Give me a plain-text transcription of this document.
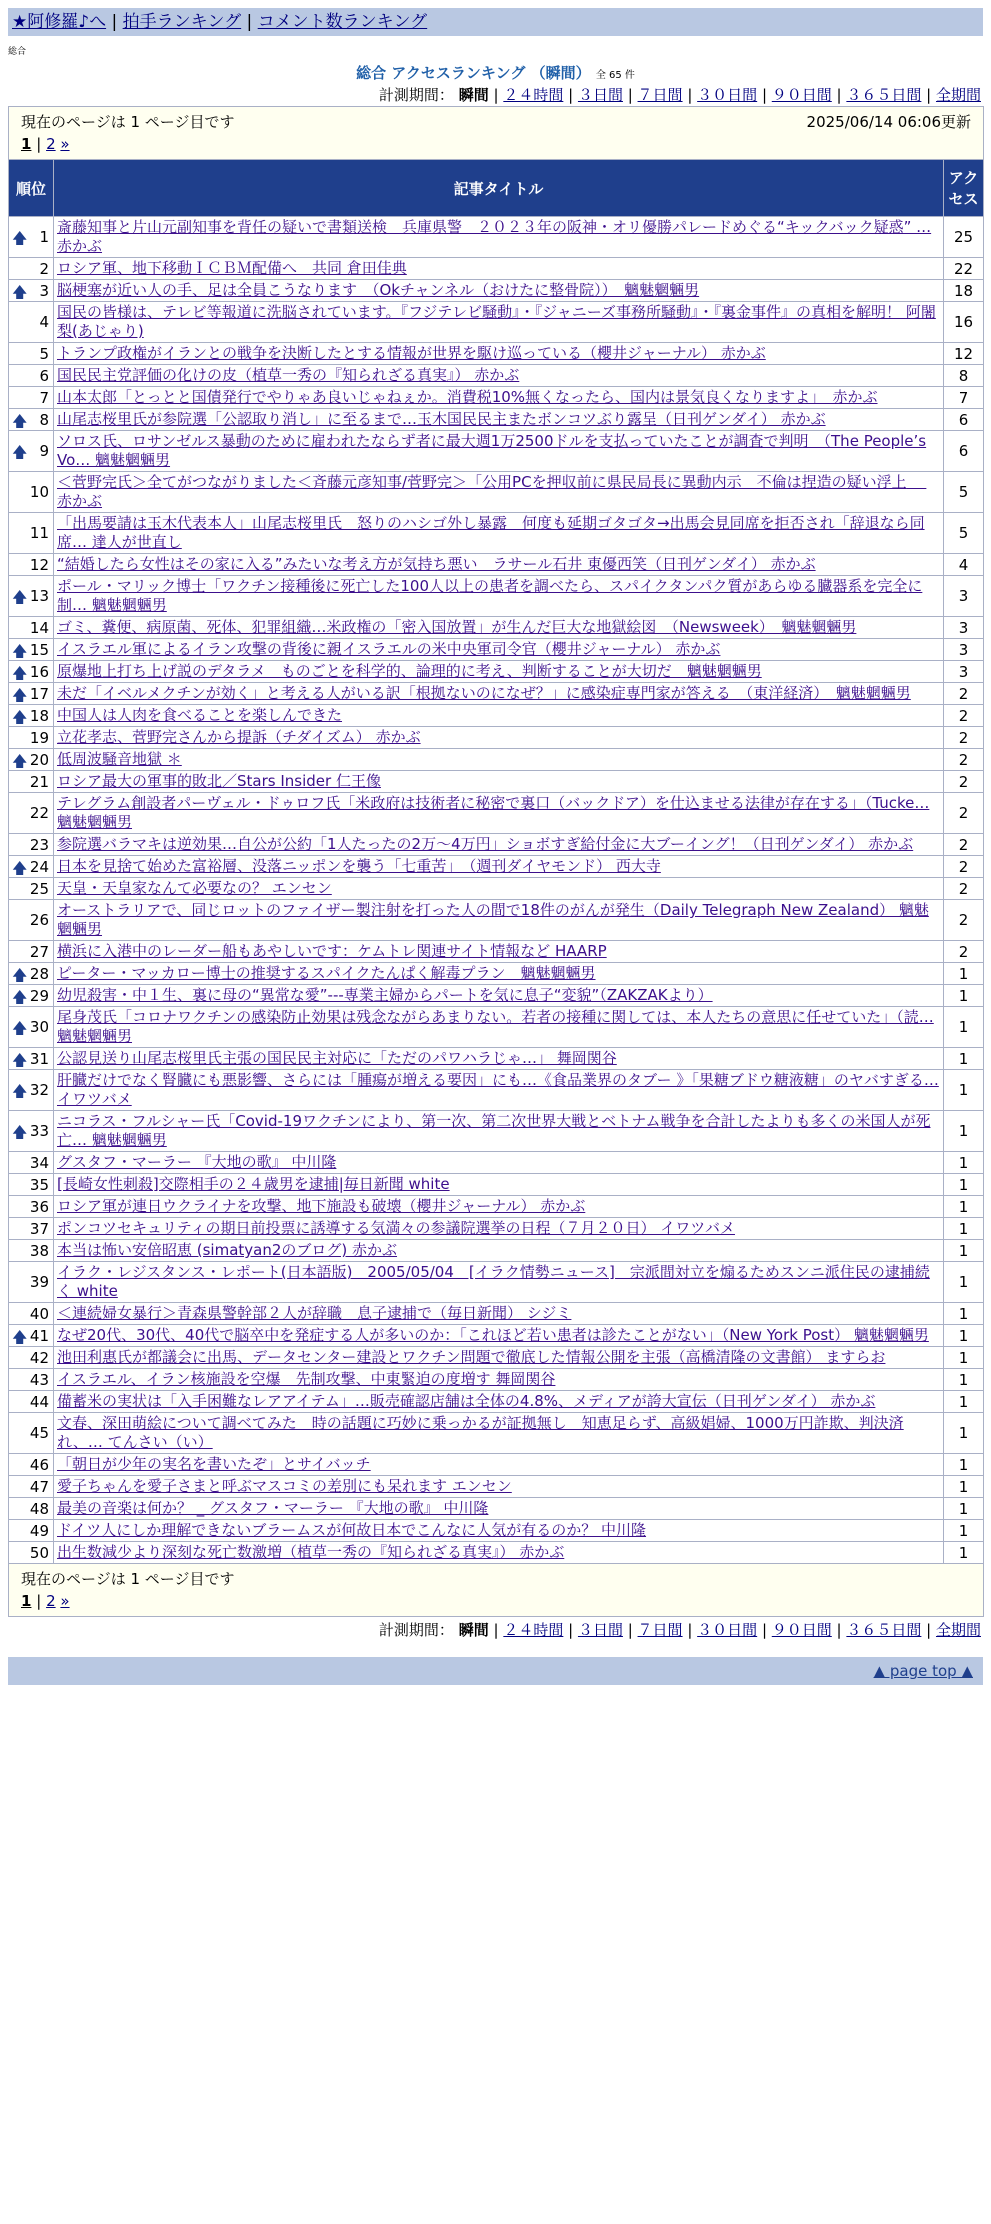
★阿修羅♪へ | 拍手ランキング | コメント数ランキング
総合
総合 アクセスランキング （瞬間） 全 65 件
計測期間： 瞬間 | ２４時間 | ３日間 | ７日間 | ３０日間 | ９０日間 | ３６５日間 | 全期間
現在のページは 1 ページ目です 2025/06/14 06:06更新
1 | 2 »		

順位	記事タイトル	アクセス

🡅 1	斎藤知事と片山元副知事を背任の疑いで書類送検　兵庫県警　２０２３年の阪神・オリ優勝パレードめぐる“キックバック疑惑” … 赤かぶ	25
2	ロシア軍、地下移動ＩＣＢＭ配備へ　共同 倉田佳典	22

🡅 3	脳梗塞が近い人の手、足は全員こうなります　（Okチャンネル（おけたに整骨院））　魑魅魍魎男	18
4	国民の皆様は、テレビ等報道に洗脳されています。『フジテレビ騒動』・『ジャニーズ事務所騒動』・『裏金事件』の真相を解明！ 阿闍梨(あじゃり)	16
5	トランプ政権がイランとの戦争を決断したとする情報が世界を駆け巡っている（櫻井ジャーナル） 赤かぶ	12
6	国民民主党評価の化けの皮（植草一秀の『知られざる真実』） 赤かぶ	8
7	山本太郎「とっとと国債発行でやりゃあ良いじゃねぇか。消費税10%無くなったら、国内は景気良くなりますよ」　赤かぶ	7

🡅 8	山尾志桜里氏が参院選「公認取り消し」に至るまで…玉木国民民主またボンコツぶり露呈（日刊ゲンダイ） 赤かぶ	6

🡅 9	ソロス氏、ロサンゼルス暴動のために雇われたならず者に最大週1万2500ドルを支払っていたことが調査で判明　（The People’s Vo… 魑魅魍魎男	6
10	＜菅野完氏＞全てがつながりました＜斉藤元彦知事/菅野完＞「公用PCを押収前に県民局長に異動内示　不倫は捏造の疑い浮上　 赤かぶ	5
11	「出馬要請は玉木代表本人」山尾志桜里氏　怒りのハシゴ外し暴露　何度も延期ゴタゴタ→出馬会見同席を拒否され「辞退なら同席… 達人が世直し	5
12	“結婚したら女性はその家に入る”みたいな考え方が気持ち悪い　ラサール石井 東優西笑（日刊ゲンダイ） 赤かぶ	4

🡅 13	ポール・マリック博士「ワクチン接種後に死亡した100人以上の患者を調べたら、スパイクタンパク質があらゆる臓器系を完全に制… 魑魅魍魎男	3
14	ゴミ、糞便、病原菌、死体、犯罪組織…米政権の「密入国放置」が生んだ巨大な地獄絵図　（Newsweek）　魑魅魍魎男	3

🡅 15	イスラエル軍によるイラン攻撃の背後に親イスラエルの米中央軍司令官（櫻井ジャーナル） 赤かぶ	3

🡅 16	原爆地上打ち上げ説のデタラメ　ものごとを科学的、論理的に考え、判断することが大切だ　魑魅魍魎男	3

🡅 17	未だ「イベルメクチンが効く」と考える人がいる訳「根拠ないのになぜ？」に感染症専門家が答える　（東洋経済）　魑魅魍魎男	2

🡅 18	中国人は人肉を食べることを楽しんできた	2
19	立花孝志、菅野完さんから提訴（チダイズム） 赤かぶ	2

🡅 20	低周波騒音地獄 ＊	2
21	ロシア最大の軍事的敗北／Stars Insider 仁王像	2
22	テレグラム創設者パーヴェル・ドゥロフ氏「米政府は技術者に秘密で裏口（バックドア）を仕込ませる法律が存在する」（Tucke… 魑魅魍魎男	2
23	参院選バラマキは逆効果…自公が公約「1人たったの2万～4万円」ショボすぎ給付金に大ブーイング！（日刊ゲンダイ） 赤かぶ	2

🡅 24	日本を見捨て始めた富裕層、没落ニッポンを襲う「七重苦」　（週刊ダイヤモンド） 西大寺	2
25	天皇・天皇家なんて必要なの？ エンセン	2
26	オーストラリアで、同じロットのファイザー製注射を打った人の間で18件のがんが発生（Daily Telegraph New Zealand） 魑魅魍魎男	2
27	横浜に入港中のレーダー船もあやしいです：ケムトレ関連サイト情報など HAARP	2

🡅 28	ピーター・マッカロー博士の推奨するスパイクたんぱく解毒プラン　魑魅魍魎男	1

🡅 29	幼児殺害・中１生、裏に母の“異常な愛”---専業主婦からパートを気に息子“変貌”（ZAKZAKより）	1

🡅 30	尾身茂氏「コロナワクチンの感染防止効果は残念ながらあまりない。若者の接種に関しては、本人たちの意思に任せていた」（読… 魑魅魍魎男	1

🡅 31	公認見送り山尾志桜里氏主張の国民民主対応に「ただのパワハラじゃ…」 舞岡関谷	1

🡅 32	肝臓だけでなく腎臓にも悪影響、さらには「腫瘍が増える要因」にも…《食品業界のタブー 》「果糖ブドウ糖液糖」のヤバすぎる… イワツバメ	1

🡅 33	ニコラス・フルシャー氏「Covid-19ワクチンにより、第一次、第二次世界大戦とベトナム戦争を合計したよりも多くの米国人が死亡… 魑魅魍魎男	1
34	グスタフ・マーラー 『大地の歌』 中川隆	1
35	[長崎女性刺殺]交際相手の２４歳男を逮捕|毎日新聞 white	1
36	ロシア軍が連日ウクライナを攻撃、地下施設も破壊（櫻井ジャーナル） 赤かぶ	1
37	ポンコツセキュリティの期日前投票に誘導する気満々の参議院選挙の日程（７月２０日） イワツバメ	1
38	本当は怖い安倍昭恵 (simatyan2のブログ) 赤かぶ	1
39	イラク・レジスタンス・レポート(日本語版)　2005/05/04　[イラク情勢ニュース]　宗派間対立を煽るためスンニ派住民の逮捕続く white	1
40	＜連続婦女暴行＞青森県警幹部２人が辞職　息子逮捕で（毎日新聞） シジミ	1

🡅 41	なぜ20代、30代、40代で脳卒中を発症する人が多いのか：「これほど若い患者は診たことがない」（New York Post） 魑魅魍魎男	1
42	池田利惠氏が都議会に出馬、データセンター建設とワクチン問題で徹底した情報公開を主張（高橋清隆の文書館） ますらお	1
43	イスラエル、イラン核施設を空爆　先制攻撃、中東緊迫の度増す 舞岡関谷	1
44	備蓄米の実状は「入手困難なレアアイテム」…販売確認店舗は全体の4.8%、メディアが誇大宣伝（日刊ゲンダイ） 赤かぶ	1
45	文春、深田萌絵について調べてみた　時の話題に巧妙に乗っかるが証拠無し　知恵足らず、高級娼婦、1000万円詐欺、判決済れ、… てんさい（い）	1
46	「朝日が少年の実名を書いたぞ」とサイバッチ	1
47	愛子ちゃんを愛子さまと呼ぶマスコミの差別にも呆れます エンセン	1
48	最美の音楽は何か？ _ グスタフ・マーラー 『大地の歌』 中川隆	1
49	ドイツ人にしか理解できないブラームスが何故日本でこんなに人気が有るのか？ 中川隆	1
50	出生数減少より深刻な死亡数激増（植草一秀の『知られざる真実』） 赤かぶ	1

現在のページは 1 ページ目です
1 | 2 »		
計測期間： 瞬間 | ２４時間 | ３日間 | ７日間 | ３０日間 | ９０日間 | ３６５日間 | 全期間
▲ page top ▲
